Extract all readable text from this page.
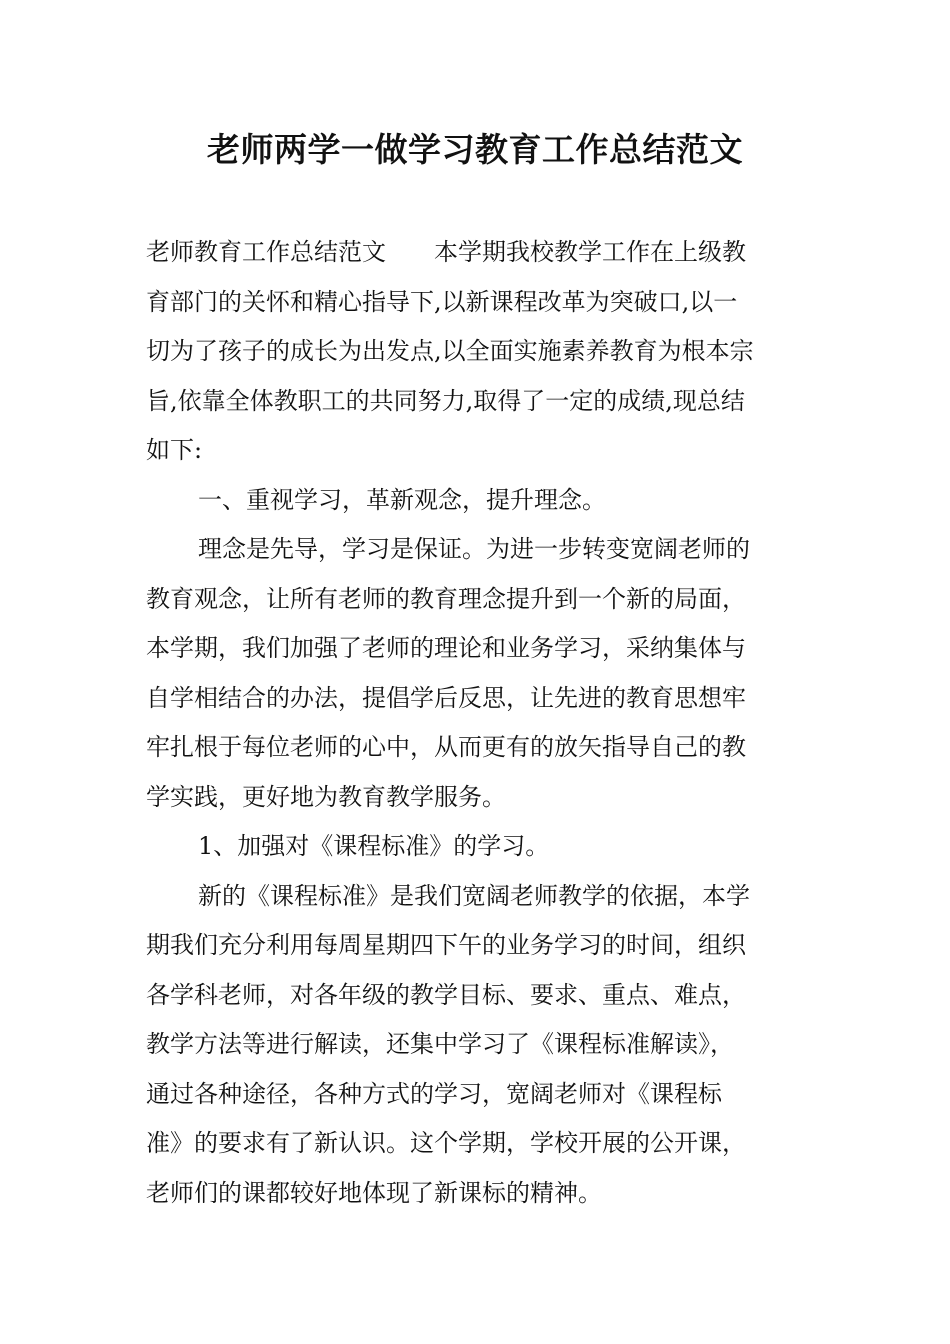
老师两学一做学习教育工作总结范文
老师教育工作总结范文　　本学期我校教学工作在上级教
育部门的关怀和精心指导下,以新课程改革为突破口,以一
切为了孩子的成长为出发点,以全面实施素养教育为根本宗
旨,依靠全体教职工的共同努力,取得了一定的成绩,现总结
如下:
一、重视学习，革新观念，提升理念。
理念是先导，学习是保证。为进一步转变宽阔老师的
教育观念，让所有老师的教育理念提升到一个新的局面，
本学期，我们加强了老师的理论和业务学习，采纳集体与
自学相结合的办法，提倡学后反思，让先进的教育思想牢
牢扎根于每位老师的心中，从而更有的放矢指导自己的教
学实践，更好地为教育教学服务。
1、加强对《课程标准》的学习。
新的《课程标准》是我们宽阔老师教学的依据，本学
期我们充分利用每周星期四下午的业务学习的时间，组织
各学科老师，对各年级的教学目标、要求、重点、难点，
教学方法等进行解读，还集中学习了《课程标准解读》，
通过各种途径，各种方式的学习，宽阔老师对《课程标
准》的要求有了新认识。这个学期，学校开展的公开课，
老师们的课都较好地体现了新课标的精神。
